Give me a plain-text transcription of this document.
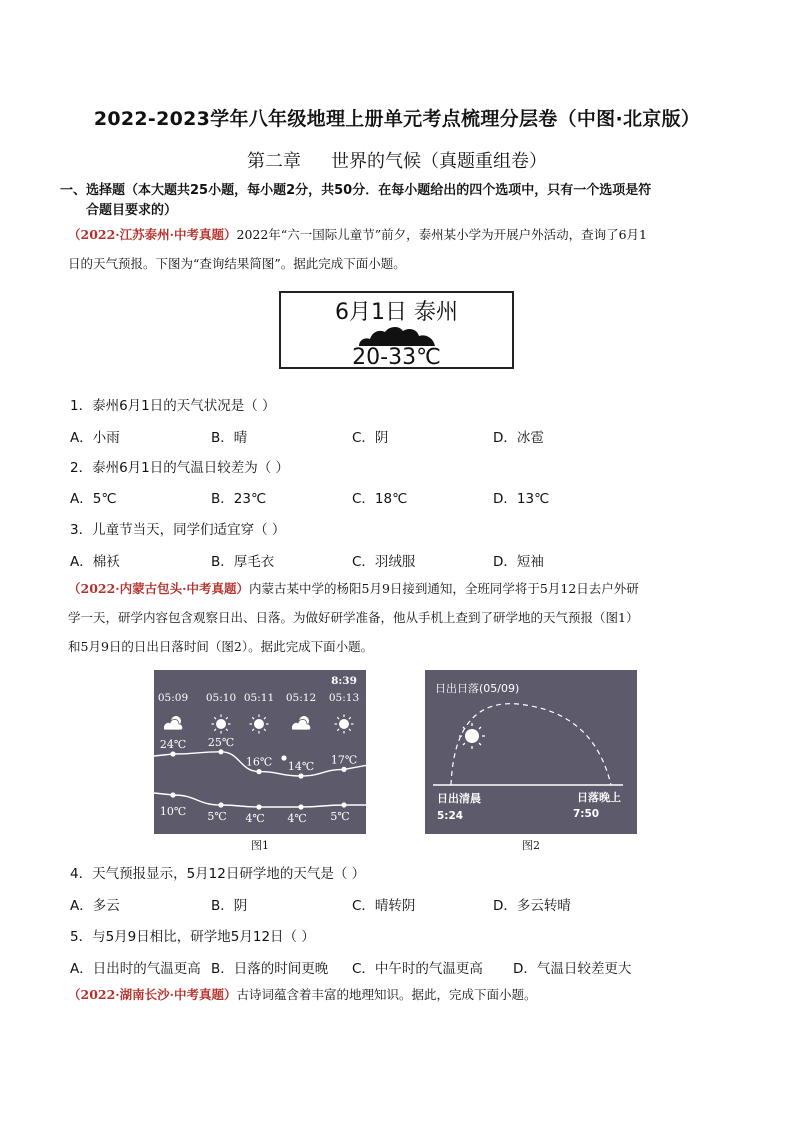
2022-2023学年八年级地理上册单元考点梳理分层卷（中图·北京版）
第二章 世界的气候（真题重组卷）
一、选择题（本大题共25小题，每小题2分，共50分．在每小题给出的四个选项中，只有一个选项是符
合题目要求的）
（2022·江苏泰州·中考真题）2022年“六一国际儿童节”前夕，泰州某小学为开展户外活动，查询了6月1
日的天气预报。下图为“查询结果简图”。据此完成下面小题。
6月1日 泰州
20-33℃
1．泰州6月1日的天气状况是（ ）
A．小雨	B．晴	C．阴	D．冰雹
2．泰州6月1日的气温日较差为（ ）
A．5℃	B．23℃	C．18℃	D．13℃
3．儿童节当天，同学们适宜穿（ ）
A．棉袄	B．厚毛衣	C．羽绒服	D．短袖
（2022·内蒙古包头·中考真题）内蒙古某中学的杨阳5月9日接到通知，全班同学将于5月12日去户外研
学一天，研学内容包含观察日出、日落。为做好研学准备，他从手机上查到了研学地的天气预报（图1）
和5月9日的日出日落时间（图2）。据此完成下面小题。
8:39
05:09 05:10 05:11 05:12 05:13
24℃ 25℃
16℃ 14℃
17℃
10℃ 5℃ 4℃ 4℃ 5℃
图1
日出日落(05/09)
日出清晨
5:24
日落晚上
7:50
图2
4．天气预报显示，5月12日研学地的天气是（ ）
A．多云	B．阴	C．晴转阴	D．多云转晴
5．与5月9日相比，研学地5月12日（ ）
A．日出时的气温更高 B．日落的时间更晚 C．中午时的气温更高 D．气温日较差更大
（2022·湖南长沙·中考真题）古诗词蕴含着丰富的地理知识。据此，完成下面小题。
